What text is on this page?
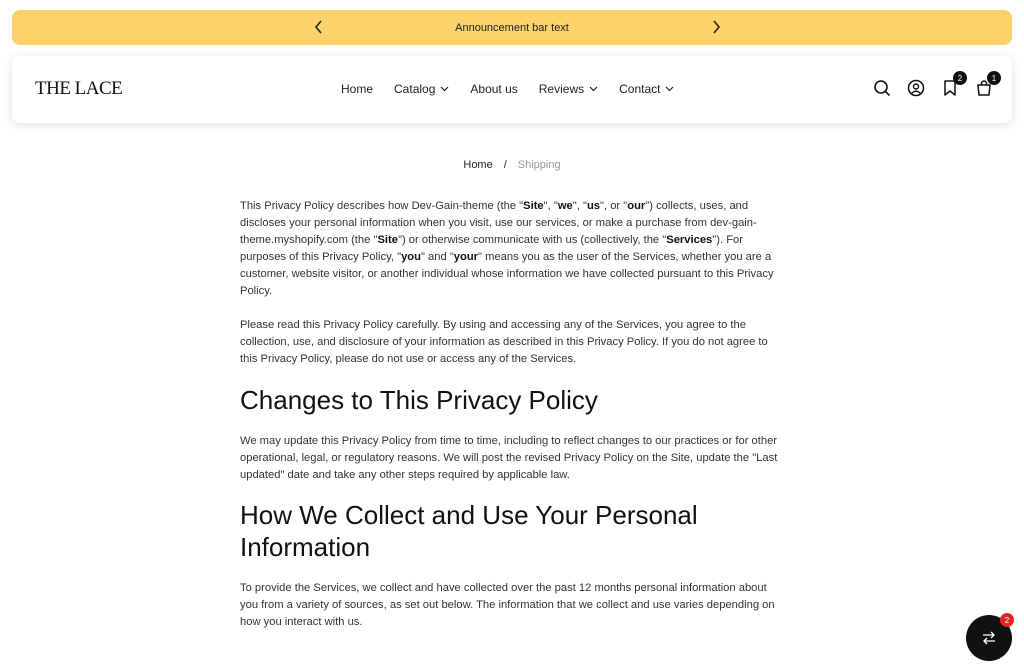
Announcement bar text
THE LACE	Home Catalog	About us Reviews	Contact
2	1
Home / Shipping

This Privacy Policy describes how Dev-Gain-theme (the "Site", "we", "us", or "our") collects, uses, and discloses your personal information when you visit, use our services, or make a purchase from dev-gain-theme.myshopify.com (the "Site") or otherwise communicate with us (collectively, the "Services"). For purposes of this Privacy Policy, "you" and "your" means you as the user of the Services, whether you are a customer, website visitor, or another individual whose information we have collected pursuant to this Privacy Policy.

Please read this Privacy Policy carefully. By using and accessing any of the Services, you agree to the collection, use, and disclosure of your information as described in this Privacy Policy. If you do not agree to this Privacy Policy, please do not use or access any of the Services.

Changes to This Privacy Policy

We may update this Privacy Policy from time to time, including to reflect changes to our practices or for other operational, legal, or regulatory reasons. We will post the revised Privacy Policy on the Site, update the "Last updated" date and take any other steps required by applicable law.

How We Collect and Use Your Personal Information

To provide the Services, we collect and have collected over the past 12 months personal information about you from a variety of sources, as set out below. The information that we collect and use varies depending on how you interact with us.	2
